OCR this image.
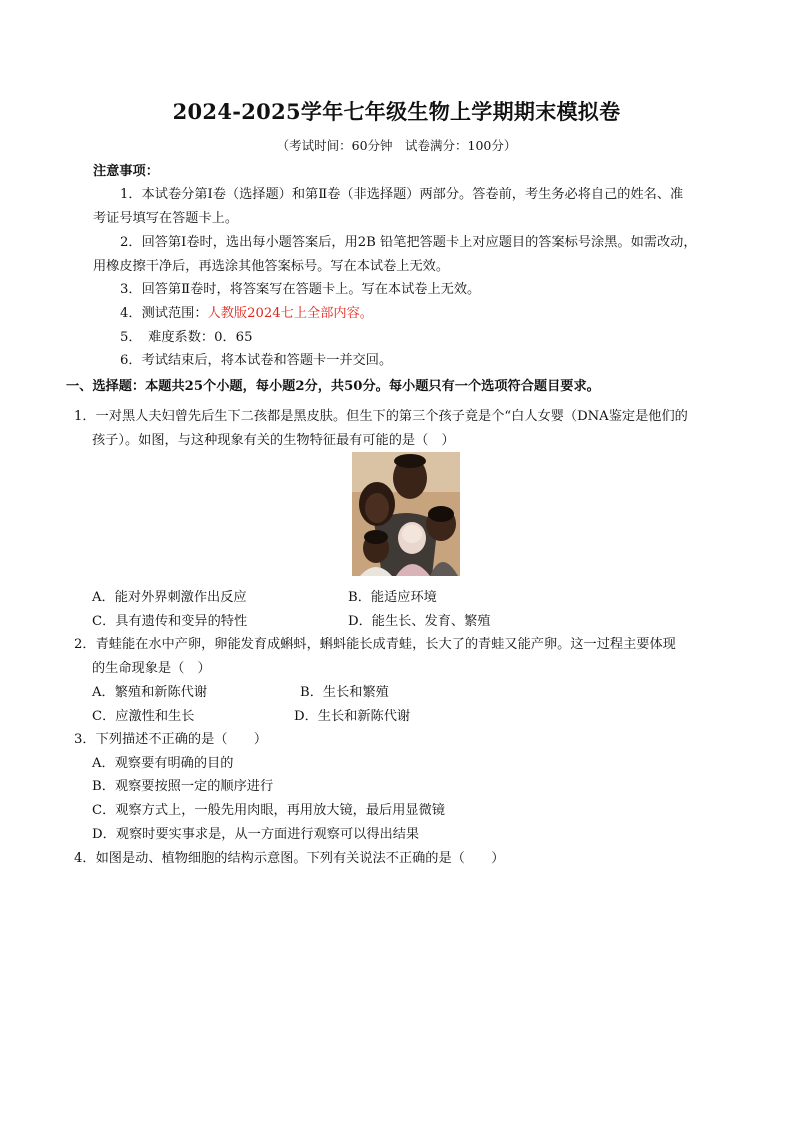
2024-2025学年七年级生物上学期期末模拟卷
（考试时间：60分钟　试卷满分：100分）
注意事项：
1．本试卷分第Ⅰ卷（选择题）和第Ⅱ卷（非选择题）两部分。答卷前，考生务必将自己的姓名、准
考证号填写在答题卡上。
2．回答第Ⅰ卷时，选出每小题答案后，用2B 铅笔把答题卡上对应题目的答案标号涂黑。如需改动，
用橡皮擦干净后，再选涂其他答案标号。写在本试卷上无效。
3．回答第Ⅱ卷时，将答案写在答题卡上。写在本试卷上无效。
4．测试范围：人教版2024七上全部内容。
5．　难度系数：0．65
6．考试结束后，将本试卷和答题卡一并交回。
一、选择题：本题共25个小题，每小题2分，共50分。每小题只有一个选项符合题目要求。
1．一对黑人夫妇曾先后生下二孩都是黑皮肤。但生下的第三个孩子竟是个“白人女婴（DNA鉴定是他们的
孩子）。如图，与这种现象有关的生物特征最有可能的是（　）
A．能对外界刺激作出反应	B．能适应环境
C．具有遗传和变异的特性	D．能生长、发育、繁殖
2．青蛙能在水中产卵，卵能发育成蝌蚪，蝌蚪能长成青蛙，长大了的青蛙又能产卵。这一过程主要体现
的生命现象是（　）
A．繁殖和新陈代谢	B．生长和繁殖
C．应激性和生长	D．生长和新陈代谢
3．下列描述不正确的是（　　）
A．观察要有明确的目的
B．观察要按照一定的顺序进行
C．观察方式上，一般先用肉眼，再用放大镜，最后用显微镜
D．观察时要实事求是，从一方面进行观察可以得出结果
4．如图是动、植物细胞的结构示意图。下列有关说法不正确的是（　　）
